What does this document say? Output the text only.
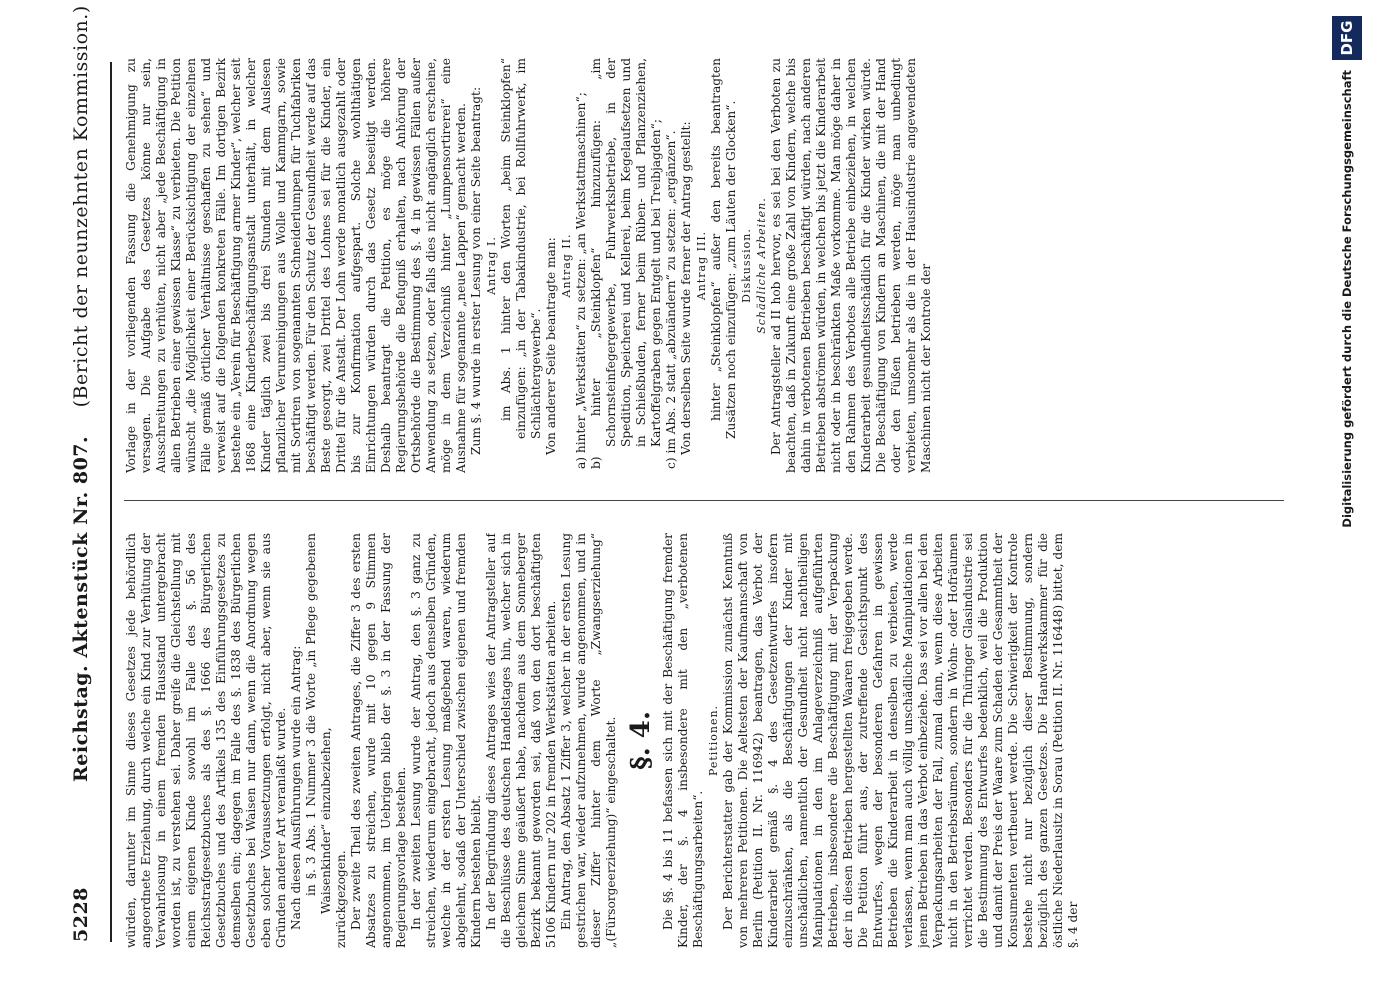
5228
Reichstag. Aktenstück Nr. 807.    (Bericht der neunzehnten Kommission.)

würden, darunter im Sinne dieses Gesetzes jede behördlich angeordnete Erziehung, durch welche ein Kind zur Verhütung der Verwahrlosung in einem fremden Hausstand untergebracht worden ist, zu verstehen sei. Daher greife die Gleichstellung mit einem eigenen Kinde sowohl im Falle des §. 56 des Reichsstrafgesetzbuches als des §. 1666 des Bürgerlichen Gesetzbuches und des Artikels 135 des Einführungsgesetzes zu demselben ein; dagegen im Falle des §. 1838 des Bürgerlichen Gesetzbuches bei Waisen nur dann, wenn die Anordnung wegen eben solcher Voraussetzungen erfolgt, nicht aber, wenn sie aus Gründen anderer Art veranlaßt wurde. Nach diesen Ausführungen wurde ein Antrag: in §. 3 Abs. 1 Nummer 3 die Worte „in Pflege gegebenen Waisenkinder“ einzubeziehen, zurückgezogen. Der zweite Theil des zweiten Antrages, die Ziffer 3 des ersten Absatzes zu streichen, wurde mit 10 gegen 9 Stimmen angenommen, im Uebrigen blieb der §. 3 in der Fassung der Regierungsvorlage bestehen. In der zweiten Lesung wurde der Antrag, den §. 3 ganz zu streichen, wiederum eingebracht, jedoch aus denselben Gründen, welche in der ersten Lesung maßgebend waren, wiederum abgelehnt, sodaß der Unterschied zwischen eigenen und fremden Kindern bestehen bleibt. In der Begründung dieses Antrages wies der Antragsteller auf die Beschlüsse des deutschen Handelstages hin, welcher sich in gleichem Sinne geäußert habe, nachdem aus dem Sonneberger Bezirk bekannt geworden sei, daß von den dort beschäftigten 5106 Kindern nur 202 in fremden Werkstätten arbeiten. Ein Antrag, den Absatz 1 Ziffer 3, welcher in der ersten Lesung gestrichen war, wieder aufzunehmen, wurde angenommen, und in dieser Ziffer hinter dem Worte „Zwangserziehung“ „(Fürsorgeerziehung)“ eingeschaltet. §. 4. Die §§. 4 bis 11 befassen sich mit der Beschäftigung fremder Kinder, der §. 4 insbesondere mit den „verbotenen Beschäftigungsarbeiten“.

Petitionen. Der Berichterstatter gab der Kommission zunächst Kenntniß von mehreren Petitionen. Die Aeltesten der Kaufmannschaft von Berlin (Petition II. Nr. 116942) beantragen, das Verbot der Kinderarbeit gemäß §. 4 des Gesetzentwurfes insofern einzuschränken, als die Beschäftigungen der Kinder mit unschädlichen, namentlich der Gesundheit nicht nachtheiligen Manipulationen in den im Anlageverzeichniß aufgeführten Betrieben, insbesondere die Beschäftigung mit der Verpackung der in diesen Betrieben hergestellten Waaren freigegeben werde. Die Petition führt aus, der zutreffende Gesichtspunkt des Entwurfes, wegen der besonderen Gefahren in gewissen Betrieben die Kinderarbeit in denselben zu verbieten, werde verlassen, wenn man auch völlig unschädliche Manipulationen in jenen Betrieben in das Verbot einbeziehe. Das sei vor allen bei den Verpackungsarbeiten der Fall, zumal dann, wenn diese Arbeiten nicht in den Betriebsräumen, sondern in Wohn- oder Hofräumen verrichtet werden. Besonders für die Thüringer Glasindustrie sei die Bestimmung des Entwurfes bedenklich, weil die Produktion und damit der Preis der Waare zum Schaden der Gesammtheit der Konsumenten vertheuert werde. Die Schwierigkeit der Kontrole bestehe nicht nur bezüglich dieser Bestimmung, sondern bezüglich des ganzen Gesetzes. Die Handwerkskammer für die östliche Niederlausitz in Sorau (Petition II. Nr. 116448) bittet, dem §. 4 der

Vorlage in der vorliegenden Fassung die Genehmigung zu versagen. Die Aufgabe des Gesetzes könne nur sein, Ausschreitungen zu verhüten, nicht aber „jede Beschäftigung in allen Betrieben einer gewissen Klasse“ zu verbieten. Die Petition wünscht „die Möglichkeit einer Berücksichtigung der einzelnen Fälle gemäß örtlicher Verhältnisse geschaffen zu sehen“ und verweist auf die folgenden konkreten Fälle. Im dortigen Bezirk bestehe ein „Verein für Beschäftigung armer Kinder“, welcher seit 1868 eine Kinderbeschäftigungsanstalt unterhält, in welcher Kinder täglich zwei bis drei Stunden mit dem Auslesen pflanzlicher Verunreinigungen aus Wolle und Kammgarn, sowie mit Sortiren von sogenannten Schneiderlumpen für Tuchfabriken beschäftigt werden. Für den Schutz der Gesundheit werde auf das Beste gesorgt, zwei Drittel des Lohnes sei für die Kinder, ein Drittel für die Anstalt. Der Lohn werde monatlich ausgezahlt oder bis zur Konfirmation aufgespart. Solche wohlthätigen Einrichtungen würden durch das Gesetz beseitigt werden. Deshalb beantragt die Petition, es möge die höhere Regierungsbehörde die Befugniß erhalten, nach Anhörung der Ortsbehörde die Bestimmung des §. 4 in gewissen Fällen außer Anwendung zu setzen, oder falls dies nicht angänglich erscheine, möge in dem Verzeichniß hinter „Lumpensortirerei“ eine Ausnahme für sogenannte „neue Lappen“ gemacht werden. Zum §. 4 wurde in erster Lesung von einer Seite beantragt: Antrag I. im Abs. 1 hinter den Worten „beim Steinklopfen“ einzufügen: „in der Tabakindustrie, bei Rollfuhrwerk, im Schlächtergewerbe“. Von anderer Seite beantragte man: Antrag II. a) hinter „Werkstätten“ zu setzen: „an Werkstattmaschinen“; b) hinter „Steinklopfen“ hinzuzufügen: „im Schornsteinfegergewerbe, Fuhrwerksbetriebe, in der Spedition, Speicherei und Kellerei, beim Kegelaufsetzen und in Schießbuden, ferner beim Rüben- und Pflanzenziehen, Kartoffelgraben gegen Entgelt und bei Treibjagden“; c) im Abs. 2 statt „abzuändern“ zu setzen: „ergänzen“. Von derselben Seite wurde ferner der Antrag gestellt: Antrag III. hinter „Steinklopfen“ außer den bereits beantragten Zusätzen noch einzufügen: „zum Läuten der Glocken“. Diskussion. Schädliche Arbeiten. Der Antragsteller ad II hob hervor, es sei bei den Verboten zu beachten, daß in Zukunft eine große Zahl von Kindern, welche bis dahin in verbotenen Betrieben beschäftigt würden, nach anderen Betrieben abströmen würden, in welchen bis jetzt die Kinderarbeit nicht oder in beschränkten Maße vorkomme. Man möge daher in den Rahmen des Verbotes alle Betriebe einbeziehen, in welchen Kinderarbeit gesundheitsschädlich für die Kinder wirken würde. Die Beschäftigung von Kindern an Maschinen, die mit der Hand oder den Füßen betrieben werden, möge man unbedingt verbieten, umsomehr als die in der Hausindustrie angewendeten Maschinen nicht der Kontrole der	Digitalisierung gefördert durch die Deutsche Forschungsgemeinschaft
DFG
